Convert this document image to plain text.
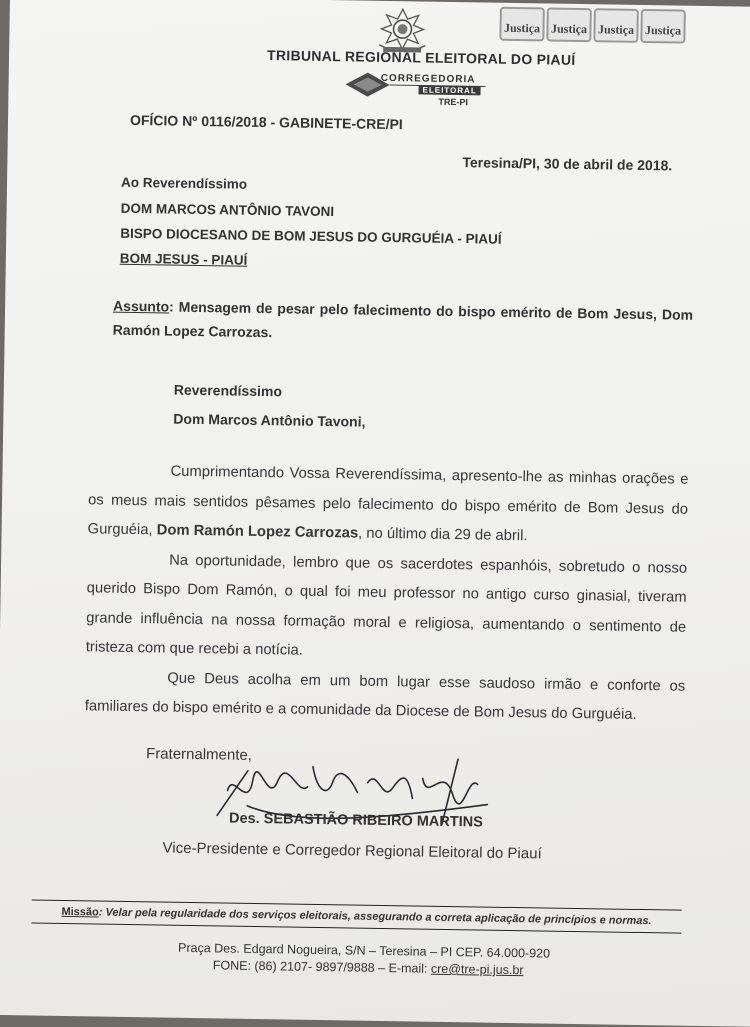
Justiça Justiça Justiça Justiça
TRIBUNAL REGIONAL ELEITORAL DO PIAUÍ
CORREGEDORIA
ELEITORAL
TRE-PI
OFÍCIO Nº 0116/2018 - GABINETE-CRE/PI
Teresina/PI, 30 de abril de 2018.
Ao Reverendíssimo
DOM MARCOS ANTÔNIO TAVONI
BISPO DIOCESANO DE BOM JESUS DO GURGUÉIA - PIAUÍ
BOM JESUS - PIAUÍ
Assunto: Mensagem de pesar pelo falecimento do bispo emérito de Bom Jesus, Dom Ramón Lopez Carrozas.
Reverendíssimo
Dom Marcos Antônio Tavoni,

Cumprimentando Vossa Reverendíssima, apresento-lhe as minhas orações e os meus mais sentidos pêsames pelo falecimento do bispo emérito de Bom Jesus do Gurguéia, Dom Ramón Lopez Carrozas, no último dia 29 de abril.

Na oportunidade, lembro que os sacerdotes espanhóis, sobretudo o nosso querido Bispo Dom Ramón, o qual foi meu professor no antigo curso ginasial, tiveram grande influência na nossa formação moral e religiosa, aumentando o sentimento de tristeza com que recebi a notícia.

Que Deus acolha em um bom lugar esse saudoso irmão e conforte os familiares do bispo emérito e a comunidade da Diocese de Bom Jesus do Gurguéia.

Fraternalmente,
Des. SEBASTIÃO RIBEIRO MARTINS
Vice-Presidente e Corregedor Regional Eleitoral do Piauí
Missão: Velar pela regularidade dos serviços eleitorais, assegurando a correta aplicação de princípios e normas.
Praça Des. Edgard Nogueira, S/N – Teresina – PI CEP. 64.000-920
FONE: (86) 2107- 9897/9888 – E-mail: cre@tre-pi.jus.br
